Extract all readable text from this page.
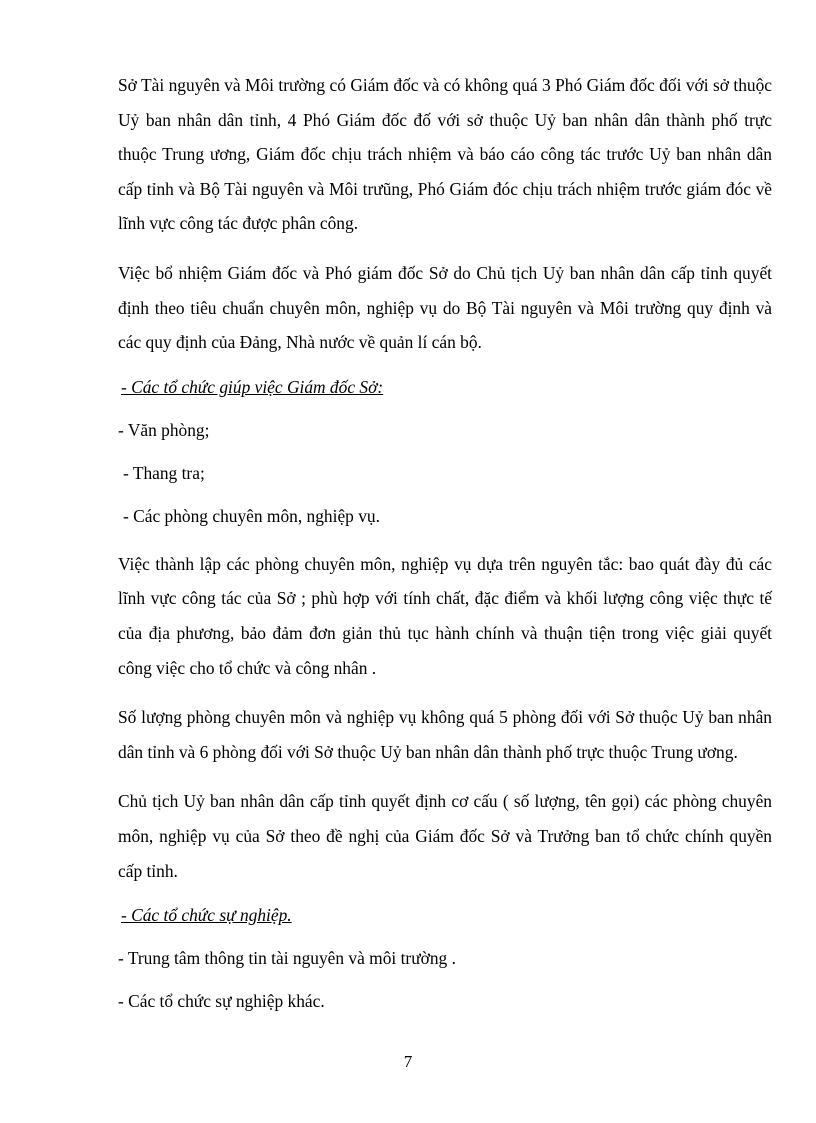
Sở Tài nguyên và Môi trường có Giám đốc và có không quá 3 Phó Giám đốc đối với sở thuộc Uỷ ban nhân dân tỉnh, 4 Phó Giám đốc đố với sở thuộc Uỷ ban nhân dân thành phố trực thuộc Trung ương, Giám đốc chịu trách nhiệm và báo cáo công tác trước Uỷ ban nhân dân cấp tỉnh và Bộ Tài nguyên và Môi trưũng, Phó Giám đóc chịu trách nhiệm trước giám đóc về lĩnh vực công tác được phân công.

Việc bổ nhiệm Giám đốc và Phó giám đốc Sở do Chủ tịch Uỷ ban nhân dân cấp tỉnh quyết định theo tiêu chuẩn chuyên môn, nghiệp vụ do Bộ Tài nguyên và Môi trường quy định và các quy định của Đảng, Nhà nước về quản lí cán bộ.

- Các tổ chức giúp việc Giám đốc Sở:

- Văn phòng;

- Thang tra;

- Các phòng chuyên môn, nghiệp vụ.

Việc thành lập các phòng chuyên môn, nghiệp vụ dựa trên nguyên tắc: bao quát đày đủ các lĩnh vực công tác của Sở ; phù hợp với tính chất, đặc điểm và khối lượng công việc thực tế của địa phương, bảo đảm đơn giản thủ tục hành chính và thuận tiện trong việc giải quyết công việc cho tổ chức và công nhân .

Số lượng phòng chuyên môn và nghiệp vụ không quá 5 phòng đối với Sở thuộc Uỷ ban nhân dân tỉnh và 6 phòng đối với Sở thuộc Uỷ ban nhân dân thành phố trực thuộc Trung ương.

Chủ tịch Uỷ ban nhân dân cấp tỉnh quyết định cơ cấu ( số lượng, tên gọi) các phòng chuyên môn, nghiệp vụ của Sở theo đề nghị của Giám đốc Sở và Trưởng ban tổ chức chính quyền cấp tỉnh.

- Các tổ chức sự nghiệp.

- Trung tâm thông tin tài nguyên và môi trường .

- Các tổ chức sự nghiệp khác.

7
